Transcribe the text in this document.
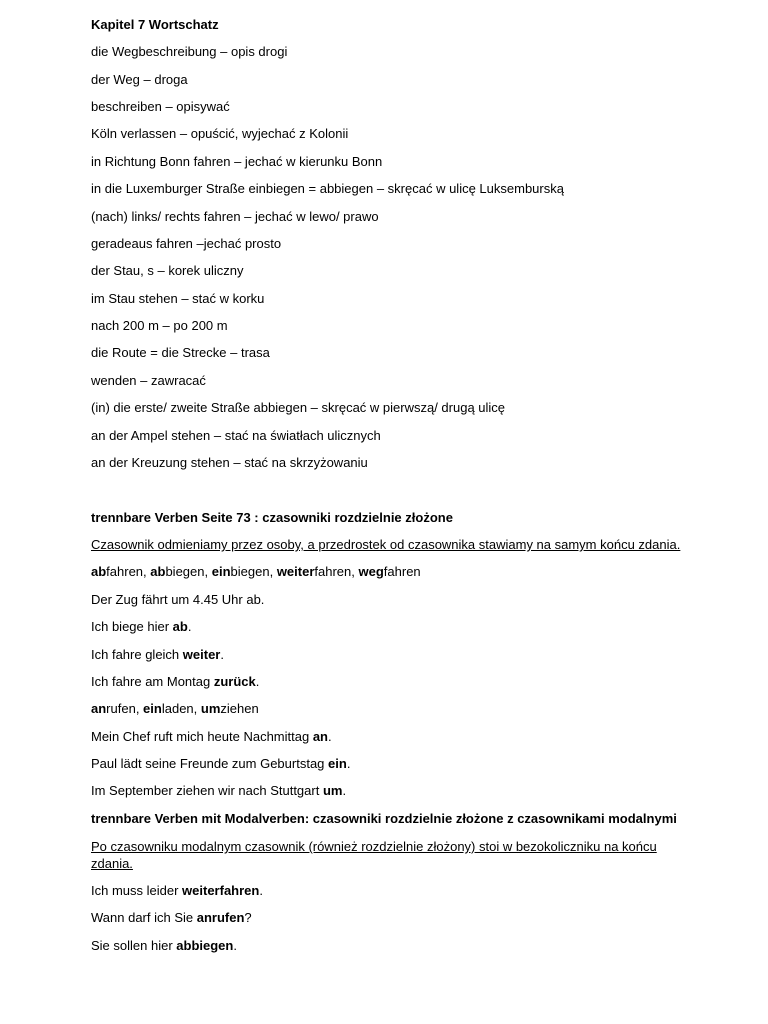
Kapitel 7 Wortschatz
die Wegbeschreibung – opis drogi
der Weg – droga
beschreiben – opisywać
Köln verlassen – opuścić, wyjechać z Kolonii
in Richtung Bonn fahren – jechać w kierunku Bonn
in die Luxemburger Straße einbiegen = abbiegen – skręcać w ulicę Luksemburską
(nach) links/ rechts fahren – jechać w lewo/ prawo
geradeaus fahren –jechać prosto
der Stau, s – korek uliczny
im Stau stehen – stać w korku
nach 200 m – po 200 m
die Route = die Strecke – trasa
wenden – zawracać
(in) die erste/ zweite Straße abbiegen – skręcać w pierwszą/ drugą ulicę
an der Ampel stehen – stać na światłach ulicznych
an der Kreuzung stehen – stać na skrzyżowaniu
trennbare Verben Seite 73 : czasowniki rozdzielnie złożone
Czasownik odmieniamy przez osoby, a przedrostek od czasownika stawiamy na samym końcu zdania.
abfahren, abbiegen, einbiegen, weiterfahren, wegfahren
Der Zug fährt um 4.45 Uhr ab.
Ich biege hier ab.
Ich fahre gleich weiter.
Ich fahre am Montag zurück.
anrufen, einladen, umziehen
Mein Chef ruft mich heute Nachmittag an.
Paul lädt seine Freunde zum Geburtstag ein.
Im September ziehen wir nach Stuttgart um.
trennbare Verben mit Modalverben: czasowniki rozdzielnie złożone z czasownikami modalnymi
Po czasowniku modalnym czasownik (również rozdzielnie złożony) stoi w bezokoliczniku na końcu zdania.
Ich muss leider weiterfahren.
Wann darf ich Sie anrufen?
Sie sollen hier abbiegen.
